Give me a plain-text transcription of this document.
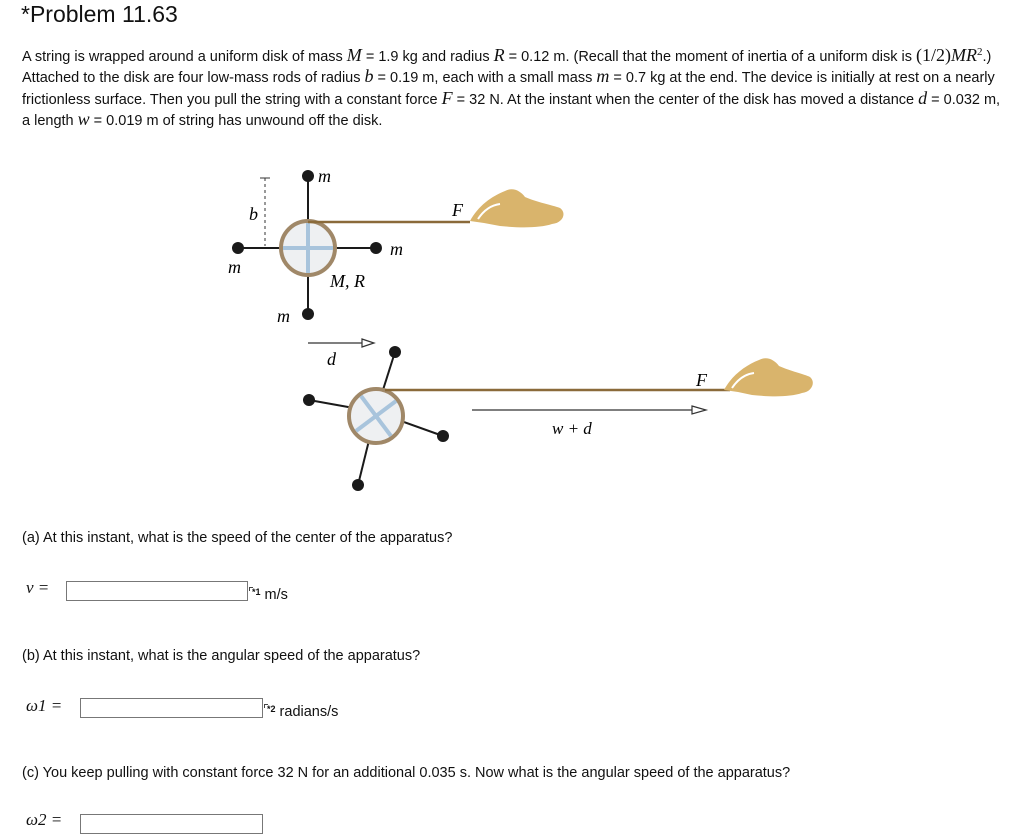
*Problem 11.63
A string is wrapped around a uniform disk of mass M = 1.9 kg and radius R = 0.12 m. (Recall that the moment of inertia of a uniform disk is $(1/2)MR^2$.) Attached to the disk are four low-mass rods of radius b = 0.19 m, each with a small mass m = 0.7 kg at the end. The device is initially at rest on a nearly frictionless surface. Then you pull the string with a constant force F = 32 N. At the instant when the center of the disk has moved a distance d = 0.032 m, a length w = 0.019 m of string has unwound off the disk.
m
b	F
m
m
M, R
m
d
F
w + d
(a) At this instant, what is the speed of the center of the apparatus?
v =	$^{*1}$ m/s
(b) At this instant, what is the angular speed of the apparatus?
ω1 =	$^{*2}$ radians/s
(c) You keep pulling with constant force 32 N for an additional 0.035 s. Now what is the angular speed of the apparatus?
ω2 =
